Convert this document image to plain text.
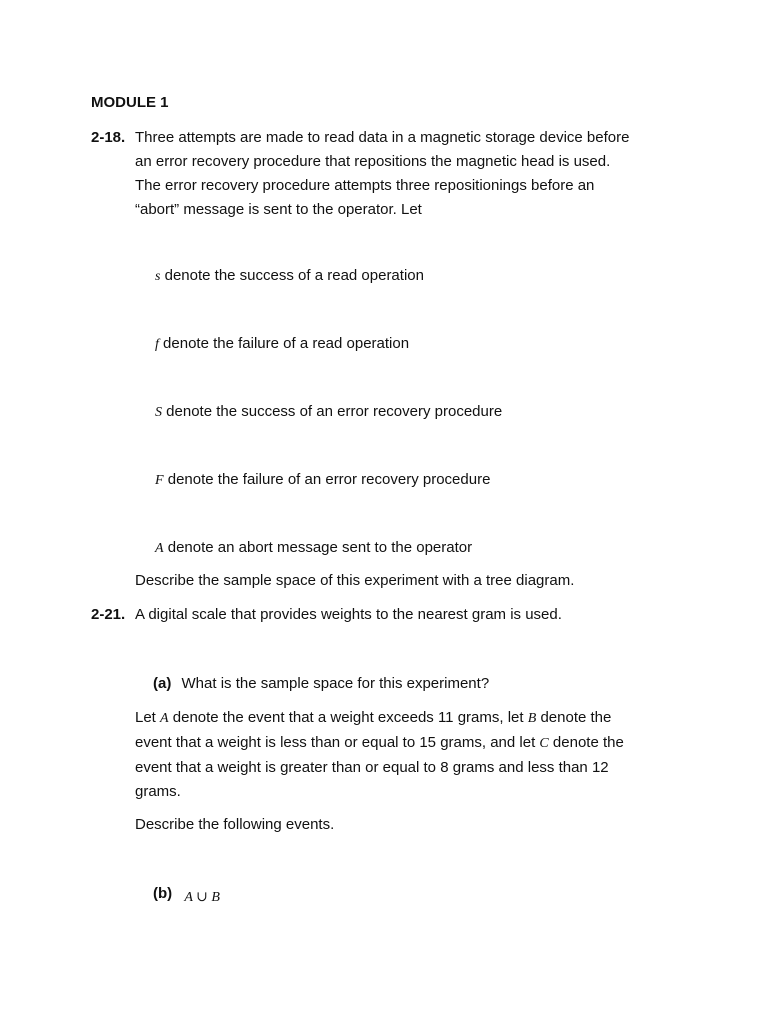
MODULE 1
2-18. Three attempts are made to read data in a magnetic storage device before

an error recovery procedure that repositions the magnetic head is used.

The error recovery procedure attempts three repositionings before an

“abort” message is sent to the operator. Let

s denote the success of a read operation
f denote the failure of a read operation
S denote the success of an error recovery procedure
F denote the failure of an error recovery procedure
A denote an abort message sent to the operator
Describe the sample space of this experiment with a tree diagram.
2-21. A digital scale that provides weights to the nearest gram is used.
(a) What is the sample space for this experiment?

Let A denote the event that a weight exceeds 11 grams, let B denote the

event that a weight is less than or equal to 15 grams, and let C denote the

event that a weight is greater than or equal to 8 grams and less than 12

grams.

Describe the following events.
(b) A ∪ B
